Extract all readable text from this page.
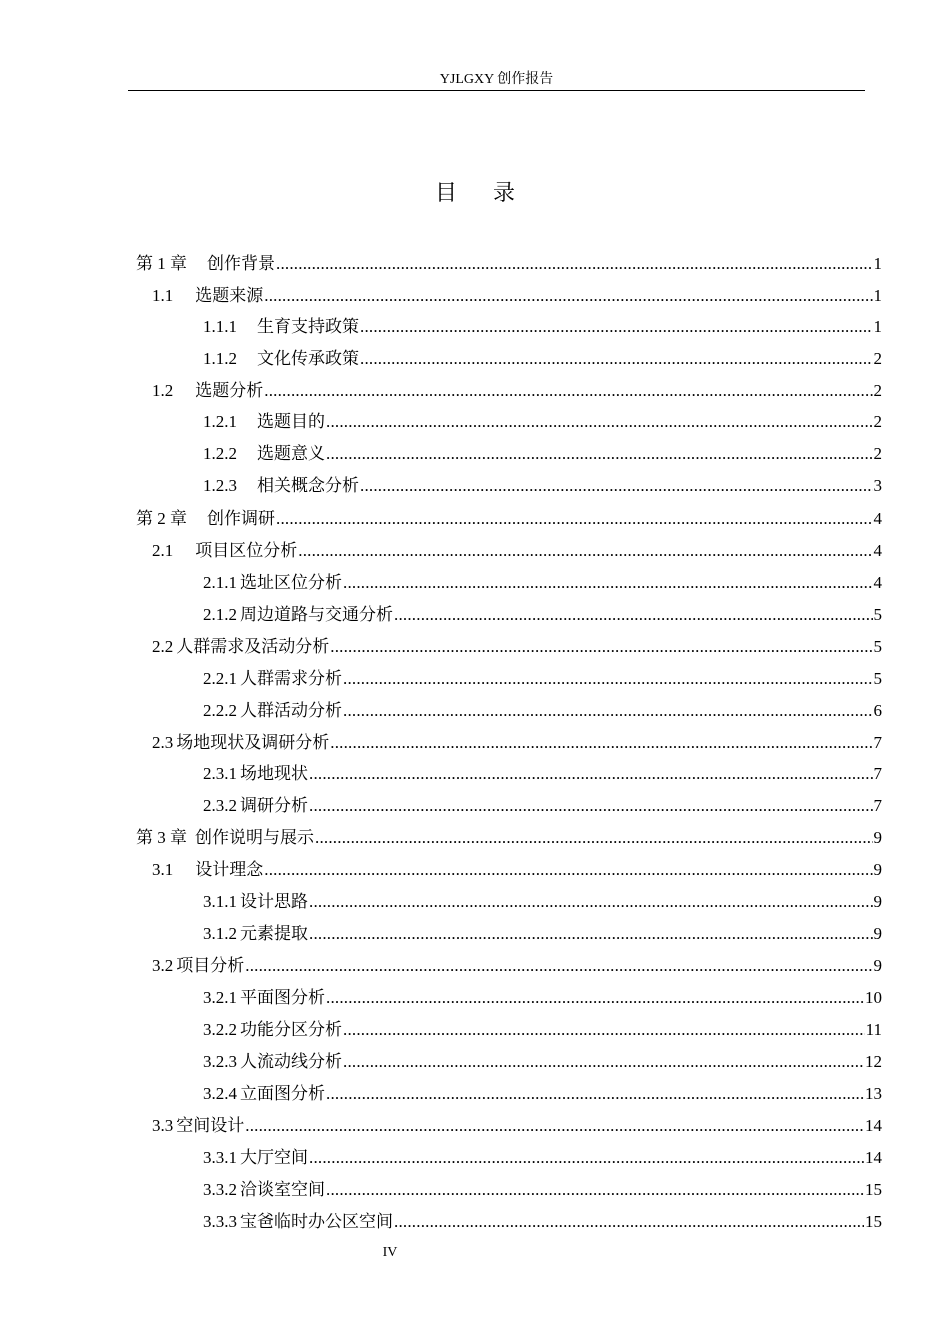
YJLGXY 创作报告
目录
第 1 章 创作背景 .....	1
1.1 选题来源 .....	1
1.1.1 生育支持政策 .....	1
1.1.2 文化传承政策 .....	2
1.2 选题分析 .....	2
1.2.1 选题目的 .....	2
1.2.2 选题意义 .....	2
1.2.3 相关概念分析 .....	3
第 2 章 创作调研 .....	4
2.1 项目区位分析 .....	4
2.1.1 选址区位分析 .....	4
2.1.2 周边道路与交通分析 .....	5
2.2 人群需求及活动分析 .....	5
2.2.1 人群需求分析 .....	5
2.2.2 人群活动分析 .....	6
2.3 场地现状及调研分析 .....	7
2.3.1 场地现状 .....	7
2.3.2 调研分析 .....	7
第 3 章 创作说明与展示 .....	9
3.1 设计理念 .....	9
3.1.1 设计思路 .....	9
3.1.2 元素提取 .....	9
3.2 项目分析 .....	9
3.2.1 平面图分析 .....	10
3.2.2 功能分区分析 .....	11
3.2.3 人流动线分析 .....	12
3.2.4 立面图分析 .....	13
3.3 空间设计 .....	14
3.3.1 大厅空间 .....	14
3.3.2 洽谈室空间 .....	15
3.3.3 宝爸临时办公区空间 .....	15
IV
